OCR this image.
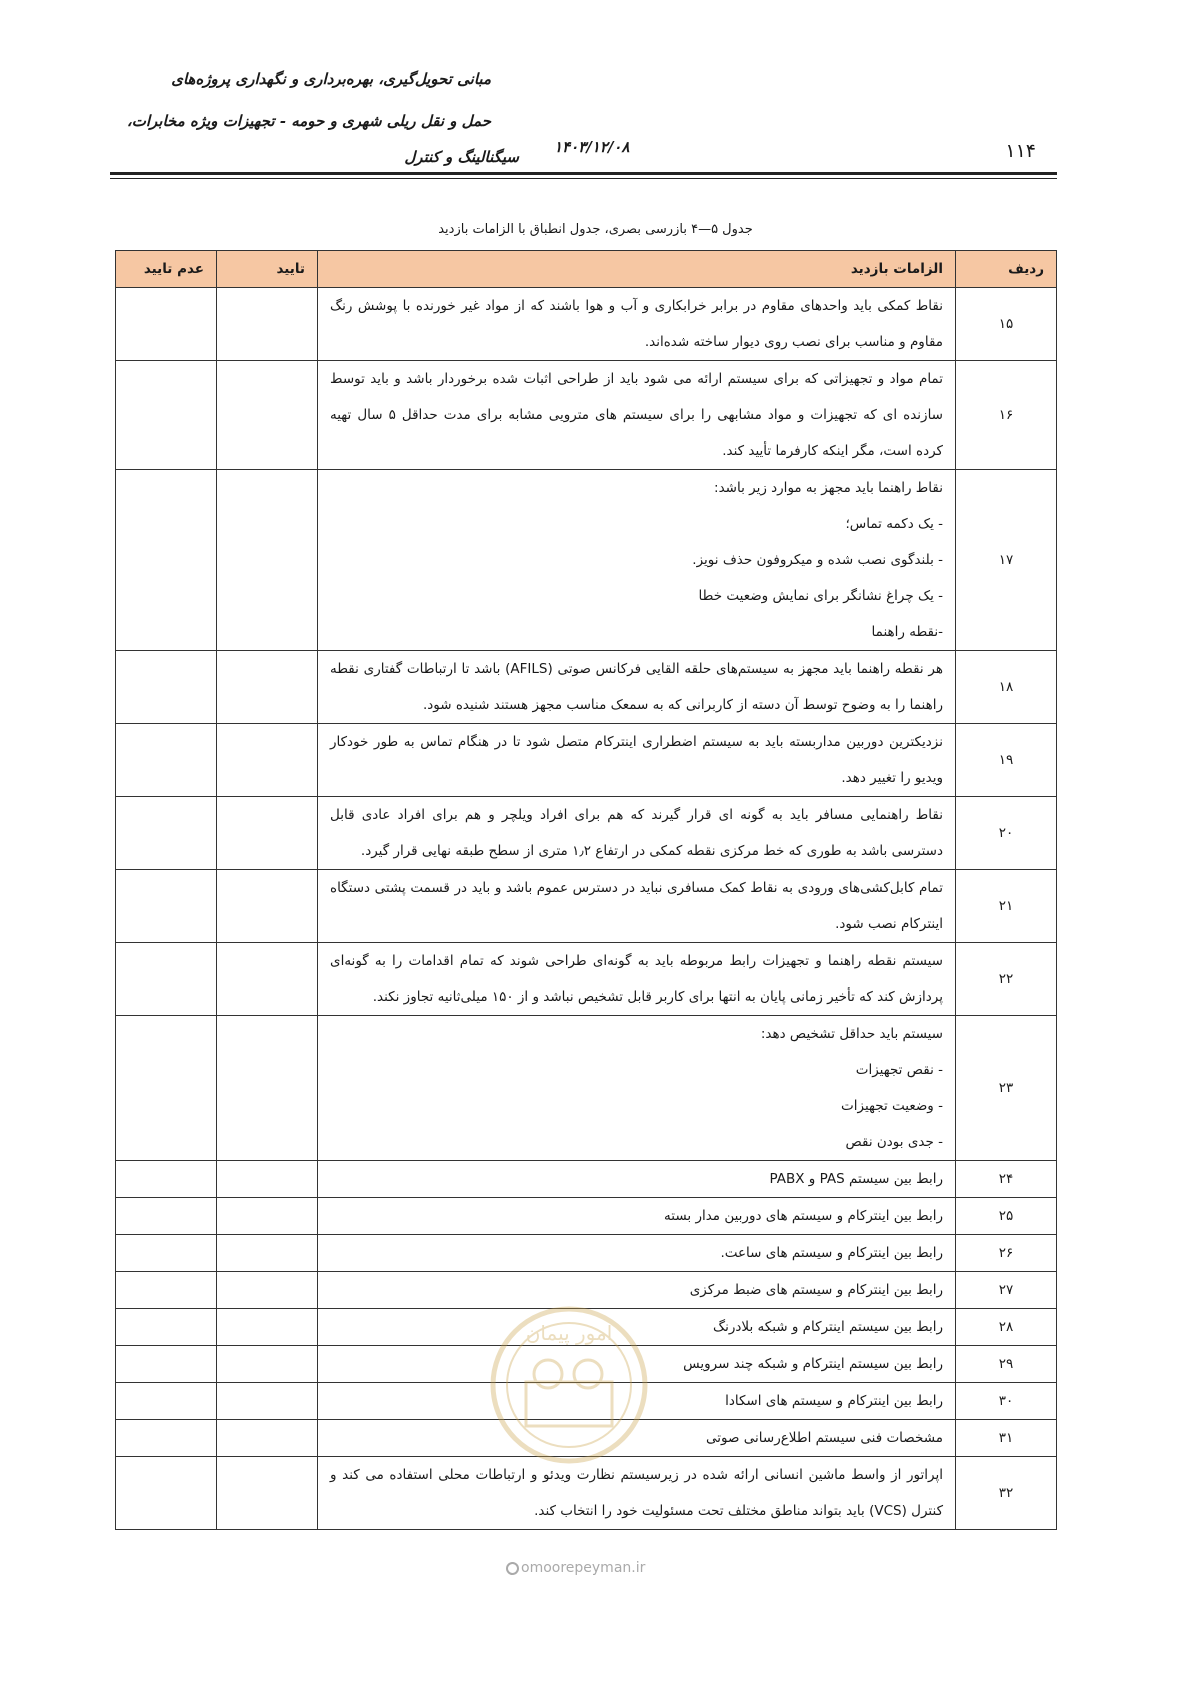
مبانی تحویل‌گیری، بهره‌برداری و نگهداری پروژه‌های
حمل و نقل ریلی شهری و حومه - تجهیزات ویژه مخابرات،
سیگنالینگ و کنترل
۱۴۰۳/۱۲/۰۸	۱۱۴
جدول ۵—۴ بازرسی بصری، جدول انطباق با الزامات بازدید
ردیف	الزامات بازدید	تایید	عدم تایید
۱۵	نقاط کمکی باید واحدهای مقاوم در برابر خرابکاری و آب و هوا باشند که از مواد غیر خورنده با پوشش رنگ مقاوم و مناسب برای نصب روی دیوار ساخته شده‌اند.		

۱۶	تمام مواد و تجهیزاتی که برای سیستم ارائه می شود باید از طراحی اثبات شده برخوردار باشد و باید توسط سازنده ای که تجهیزات و مواد مشابهی را برای سیستم های مترویی مشابه برای مدت حداقل ۵ سال تهیه کرده است، مگر اینکه کارفرما تأیید کند.		

۱۷	نقاط راهنما باید مجهز به موارد زیر باشد:
- یک دکمه تماس؛
- بلندگوی نصب شده و میکروفون حذف نویز.
- یک چراغ نشانگر برای نمایش وضعیت خطا
-نقطه راهنما		

۱۸	هر نقطه راهنما باید مجهز به سیستم‌های حلقه القایی فرکانس صوتی (AFILS) باشد تا ارتباطات گفتاری نقطه راهنما را به وضوح توسط آن دسته از کاربرانی که به سمعک مناسب مجهز هستند شنیده شود.		

۱۹	نزدیکترین دوربین مداربسته باید به سیستم اضطراری اینترکام متصل شود تا در هنگام تماس به طور خودکار ویدیو را تغییر دهد.		

۲۰	نقاط راهنمایی مسافر باید به گونه ای قرار گیرند که هم برای افراد ویلچر و هم برای افراد عادی قابل دسترسی باشد به طوری که خط مرکزی نقطه کمکی در ارتفاع ۱٫۲ متری از سطح طبقه نهایی قرار گیرد.		

۲۱	تمام کابل‌کشی‌های ورودی به نقاط کمک مسافری نباید در دسترس عموم باشد و باید در قسمت پشتی دستگاه اینترکام نصب شود.		

۲۲	سیستم نقطه راهنما و تجهیزات رابط مربوطه باید به گونه‌ای طراحی شوند که تمام اقدامات را به گونه‌ای پردازش کند که تأخیر زمانی پایان به انتها برای کاربر قابل تشخیص نباشد و از ۱۵۰ میلی‌ثانیه تجاوز نکند.		

۲۳	سیستم باید حداقل تشخیص دهد:
- نقص تجهیزات
- وضعیت تجهیزات
- جدی بودن نقص		

۲۴	رابط بین سیستم PAS و PABX		

۲۵	رابط بین اینترکام و سیستم های دوربین مدار بسته		

۲۶	رابط بین اینترکام و سیستم های ساعت.		

۲۷	رابط بین اینترکام و سیستم های ضبط مرکزی		

۲۸	رابط بین سیستم اینترکام و شبکه بلادرنگ		

۲۹	رابط بین سیستم اینترکام و شبکه چند سرویس		

۳۰	رابط بین اینترکام و سیستم های اسکادا		

۳۱	مشخصات فنی سیستم اطلاع‌رسانی صوتی		

۳۲	اپراتور از واسط ماشین انسانی ارائه شده در زیرسیستم نظارت ویدئو و ارتباطات محلی استفاده می کند و کنترل (VCS) باید بتواند مناطق مختلف تحت مسئولیت خود را انتخاب کند.		

امور پیمان
omoorepeyman.ir
